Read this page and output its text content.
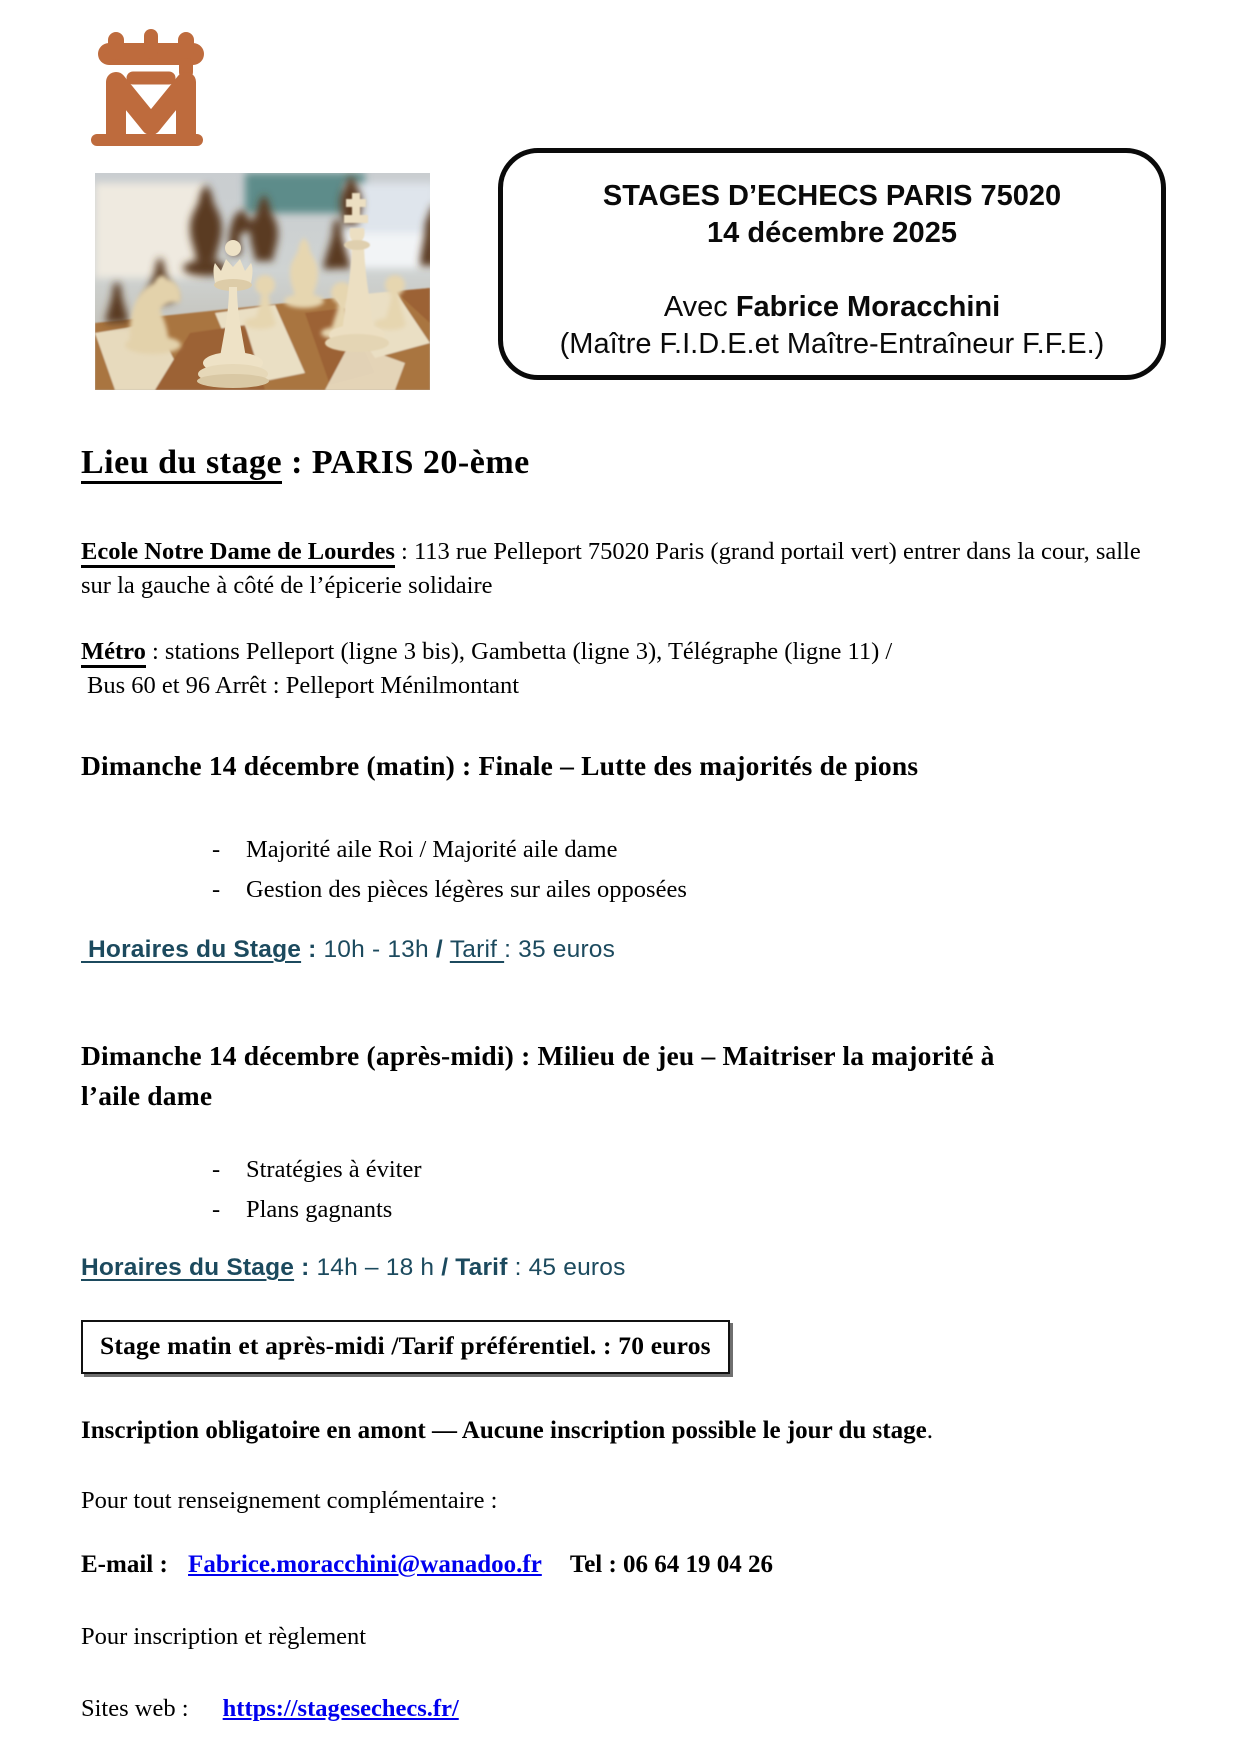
STAGES D’ECHECS PARIS 75020
14 décembre 2025
Avec Fabrice Moracchini
(Maître F.I.D.E.et Maître-Entraîneur F.F.E.)
Lieu du stage : PARIS 20-ème
Ecole Notre Dame de Lourdes : 113 rue Pelleport 75020 Paris (grand portail vert) entrer dans la cour, salle sur la gauche à côté de l’épicerie solidaire
Métro : stations Pelleport (ligne 3 bis), Gambetta (ligne 3), Télégraphe (ligne 11) /
Bus 60 et 96 Arrêt : Pelleport Ménilmontant
Dimanche 14 décembre (matin) : Finale – Lutte des majorités de pions
-	Majorité aile Roi / Majorité aile dame
-	Gestion des pièces légères sur ailes opposées
Horaires du Stage : 10h - 13h / Tarif : 35 euros
Dimanche 14 décembre (après-midi) : Milieu de jeu – Maitriser la majorité à l’aile dame
-	Stratégies à éviter
-	Plans gagnants
Horaires du Stage : 14h – 18 h / Tarif : 45 euros
Stage matin et après-midi /Tarif préférentiel. : 70 euros
Inscription obligatoire en amont — Aucune inscription possible le jour du stage.
Pour tout renseignement complémentaire :
E-mail : Fabrice.moracchini@wanadoo.fr Tel : 06 64 19 04 26
Pour inscription et règlement
Sites web : https://stagesechecs.fr/
